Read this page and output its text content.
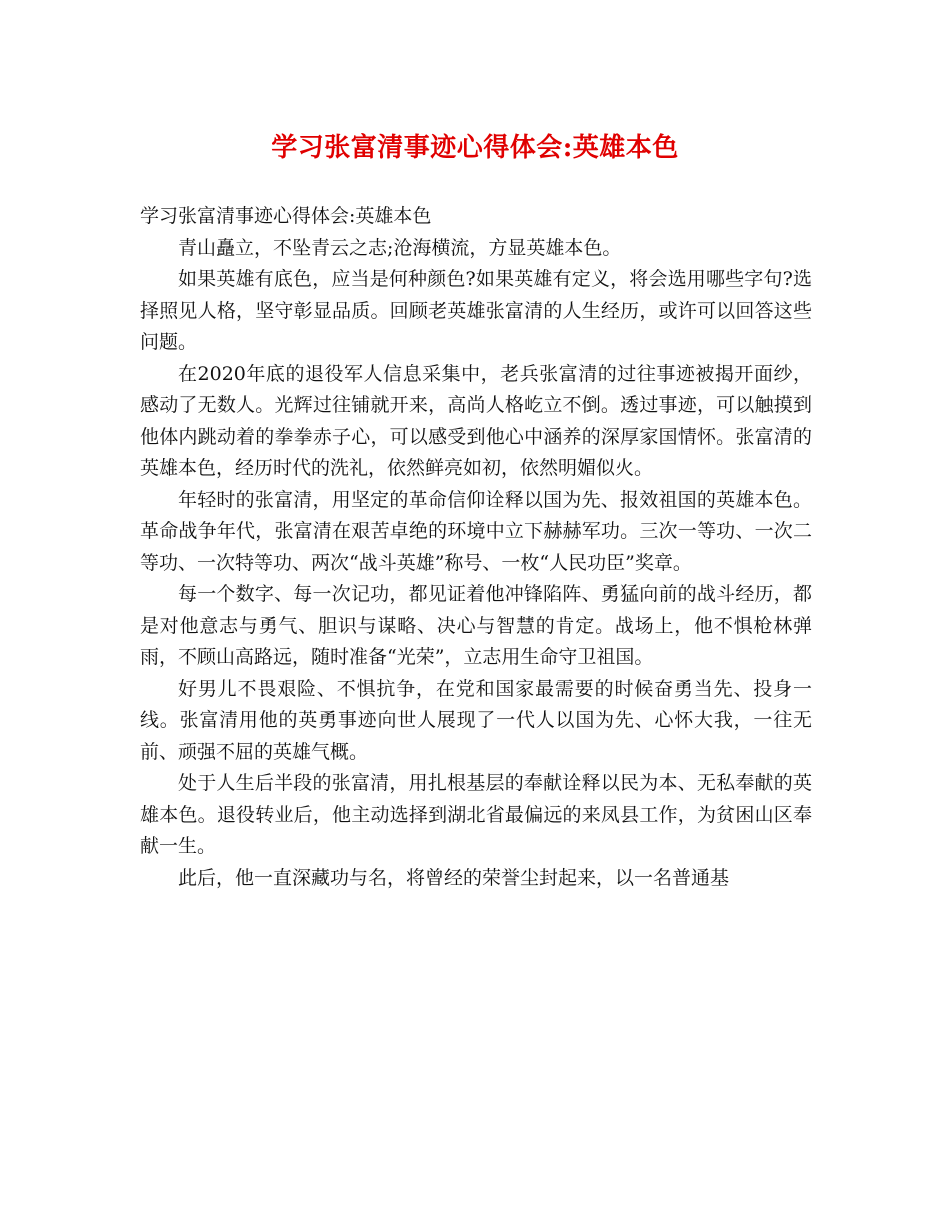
学习张富清事迹心得体会:英雄本色

学习张富清事迹心得体会:英雄本色

青山矗立，不坠青云之志;沧海横流，方显英雄本色。

如果英雄有底色，应当是何种颜色?如果英雄有定义，将会选用哪些字句?选择照见人格，坚守彰显品质。回顾老英雄张富清的人生经历，或许可以回答这些问题。

在2020年底的退役军人信息采集中，老兵张富清的过往事迹被揭开面纱，感动了无数人。光辉过往铺就开来，高尚人格屹立不倒。透过事迹，可以触摸到他体内跳动着的拳拳赤子心，可以感受到他心中涵养的深厚家国情怀。张富清的英雄本色，经历时代的洗礼，依然鲜亮如初，依然明媚似火。

年轻时的张富清，用坚定的革命信仰诠释以国为先、报效祖国的英雄本色。革命战争年代，张富清在艰苦卓绝的环境中立下赫赫军功。三次一等功、一次二等功、一次特等功、两次“战斗英雄”称号、一枚“人民功臣”奖章。

每一个数字、每一次记功，都见证着他冲锋陷阵、勇猛向前的战斗经历，都是对他意志与勇气、胆识与谋略、决心与智慧的肯定。战场上，他不惧枪林弹雨，不顾山高路远，随时准备“光荣”，立志用生命守卫祖国。

好男儿不畏艰险、不惧抗争，在党和国家最需要的时候奋勇当先、投身一线。张富清用他的英勇事迹向世人展现了一代人以国为先、心怀大我，一往无前、顽强不屈的英雄气概。

处于人生后半段的张富清，用扎根基层的奉献诠释以民为本、无私奉献的英雄本色。退役转业后，他主动选择到湖北省最偏远的来凤县工作，为贫困山区奉献一生。

此后，他一直深藏功与名，将曾经的荣誉尘封起来，以一名普通基
